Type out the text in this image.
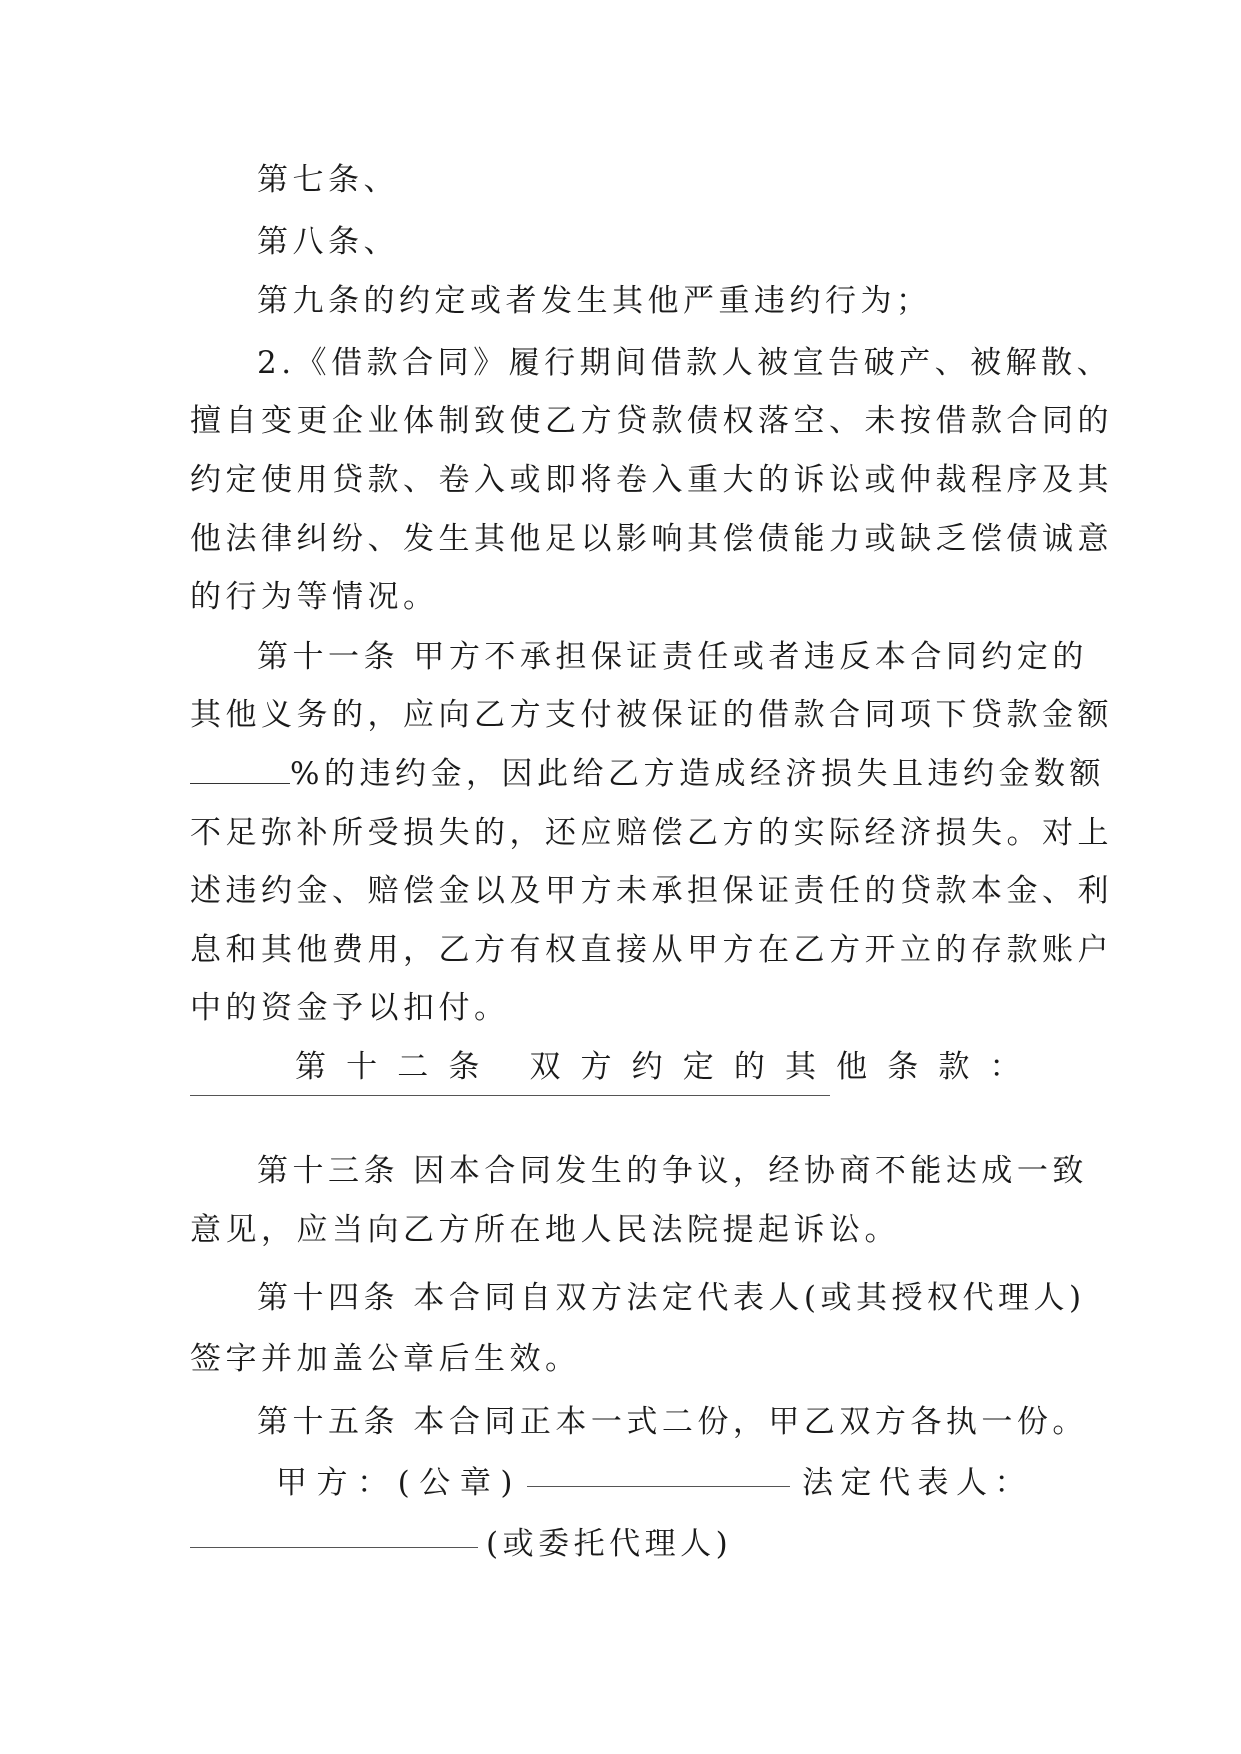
第七条、
第八条、
第九条的约定或者发生其他严重违约行为；
2.《借款合同》履行期间借款人被宣告破产、被解散、
擅自变更企业体制致使乙方贷款债权落空、未按借款合同的
约定使用贷款、卷入或即将卷入重大的诉讼或仲裁程序及其
他法律纠纷、发生其他足以影响其偿债能力或缺乏偿债诚意
的行为等情况。
第十一条 甲方不承担保证责任或者违反本合同约定的
其他义务的，应向乙方支付被保证的借款合同项下贷款金额
%的违约金，因此给乙方造成经济损失且违约金数额
不足弥补所受损失的，还应赔偿乙方的实际经济损失。对上
述违约金、赔偿金以及甲方未承担保证责任的贷款本金、利
息和其他费用，乙方有权直接从甲方在乙方开立的存款账户
中的资金予以扣付。
第十二条 双方约定的其他条款：
第十三条 因本合同发生的争议，经协商不能达成一致
意见，应当向乙方所在地人民法院提起诉讼。
第十四条 本合同自双方法定代表人(或其授权代理人)
签字并加盖公章后生效。
第十五条 本合同正本一式二份，甲乙双方各执一份。
甲方：(公章)	法定代表人：
(或委托代理人)
